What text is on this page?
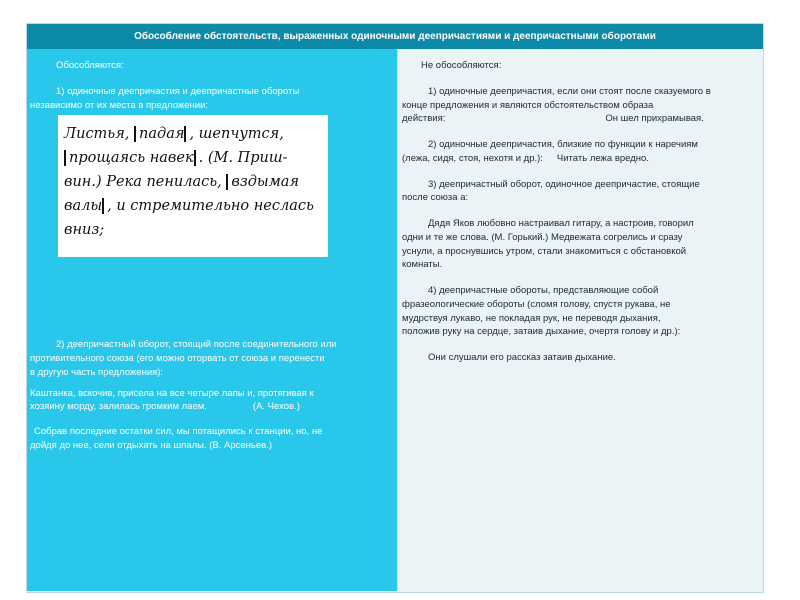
Обособление обстоятельств, выраженных одиночными деепричастиями и деепричастными оборотами

Обособляются:

1) одиночные деепричастия и деепричастные обороты

независимо от их места в предложении:

2) деепричастный оборот, стоящий после соединительного или

противительного союза (его можно оторвать от союза и перенести

в другую часть предложения):

Каштанка, вскочив, присела на все четыре лапы и, протягивая к

хозяину морду, залилась громким лаем.	(А. Чехов.)

Собрав последние остатки сил, мы потащились к станции, но, не

дойдя до нее, сели отдыхать на шпалы. (В. Арсеньев.)

Листья, падая , шепчутся,
прощаясь навек . (М. Приш-
вин.) Река пенилась, вздымая
валы , и стремительно неслась
вниз;

Не обособляются:

1) одиночные деепричастия, если они стоят после сказуемого в

конце предложения и являются обстоятельством образа

действия:	Он шел прихрамывая.

2) одиночные деепричастия, близкие по функции к наречиям

(лежа, сидя, стоя, нехотя и др.): Читать лежа вредно.

3) деепричастный оборот, одиночное деепричастие, стоящие

после союза а:

Дядя Яков любовно настраивал гитару, а настроив, говорил

одни и те же слова. (М. Горький.) Медвежата согрелись и сразу

уснули, а проснувшись утром, стали знакомиться с обстановкой

комнаты.

4) деепричастные обороты, представляющие собой

фразеологические обороты (сломя голову, спустя рукава, не

мудрствуя лукаво, не покладая рук, не переводя дыхания,

положив руку на сердце, затаив дыхание, очертя голову и др.):

Они слушали его рассказ затаив дыхание.
